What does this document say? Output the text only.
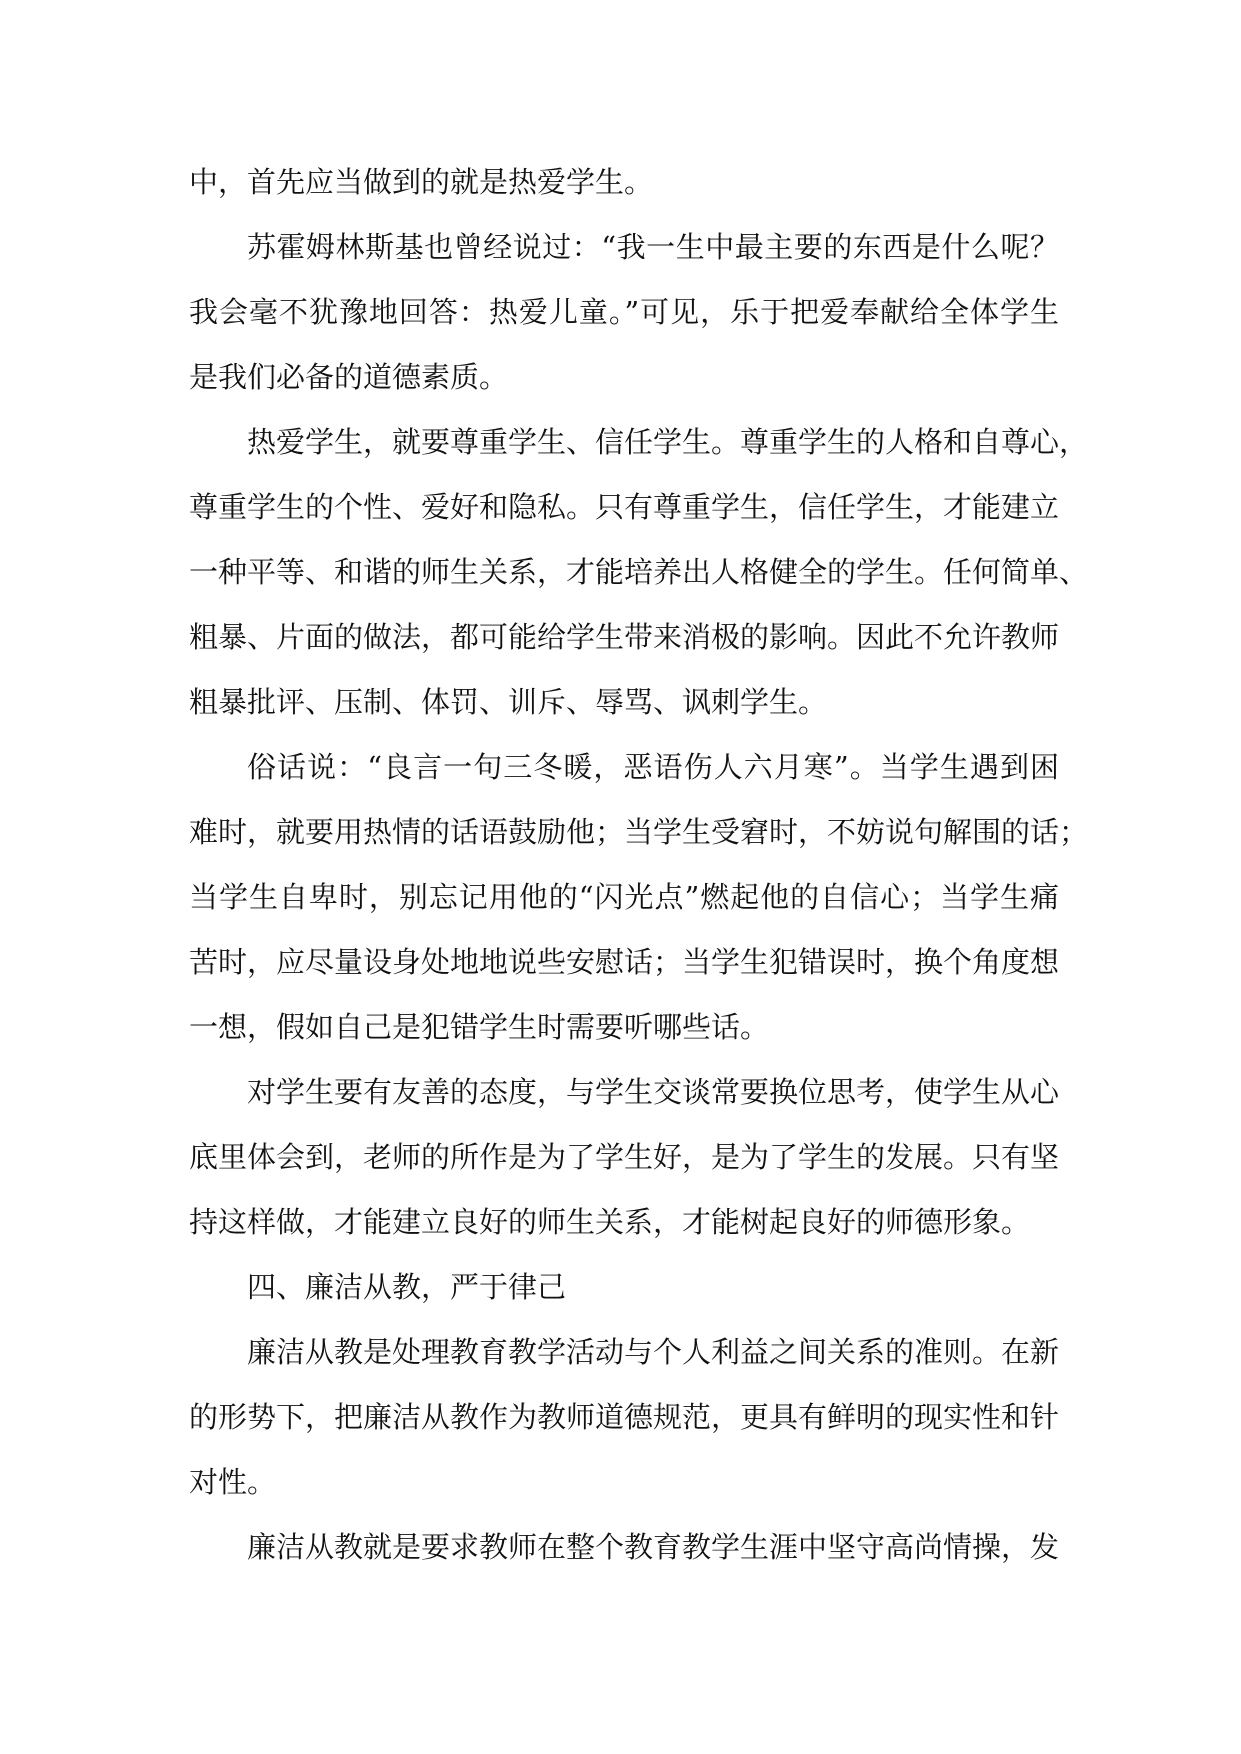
中，首先应当做到的就是热爱学生。
苏霍姆林斯基也曾经说过：“我一生中最主要的东西是什么呢？
我会毫不犹豫地回答：热爱儿童。”可见，乐于把爱奉献给全体学生
是我们必备的道德素质。
热爱学生，就要尊重学生、信任学生。尊重学生的人格和自尊心，
尊重学生的个性、爱好和隐私。只有尊重学生，信任学生，才能建立
一种平等、和谐的师生关系，才能培养出人格健全的学生。任何简单、
粗暴、片面的做法，都可能给学生带来消极的影响。因此不允许教师
粗暴批评、压制、体罚、训斥、辱骂、讽刺学生。
俗话说：“良言一句三冬暖，恶语伤人六月寒”。当学生遇到困
难时，就要用热情的话语鼓励他；当学生受窘时，不妨说句解围的话；
当学生自卑时，别忘记用他的“闪光点”燃起他的自信心；当学生痛
苦时，应尽量设身处地地说些安慰话；当学生犯错误时，换个角度想
一想，假如自己是犯错学生时需要听哪些话。
对学生要有友善的态度，与学生交谈常要换位思考，使学生从心
底里体会到，老师的所作是为了学生好，是为了学生的发展。只有坚
持这样做，才能建立良好的师生关系，才能树起良好的师德形象。
四、廉洁从教，严于律己
廉洁从教是处理教育教学活动与个人利益之间关系的准则。在新
的形势下，把廉洁从教作为教师道德规范，更具有鲜明的现实性和针
对性。
廉洁从教就是要求教师在整个教育教学生涯中坚守高尚情操，发
